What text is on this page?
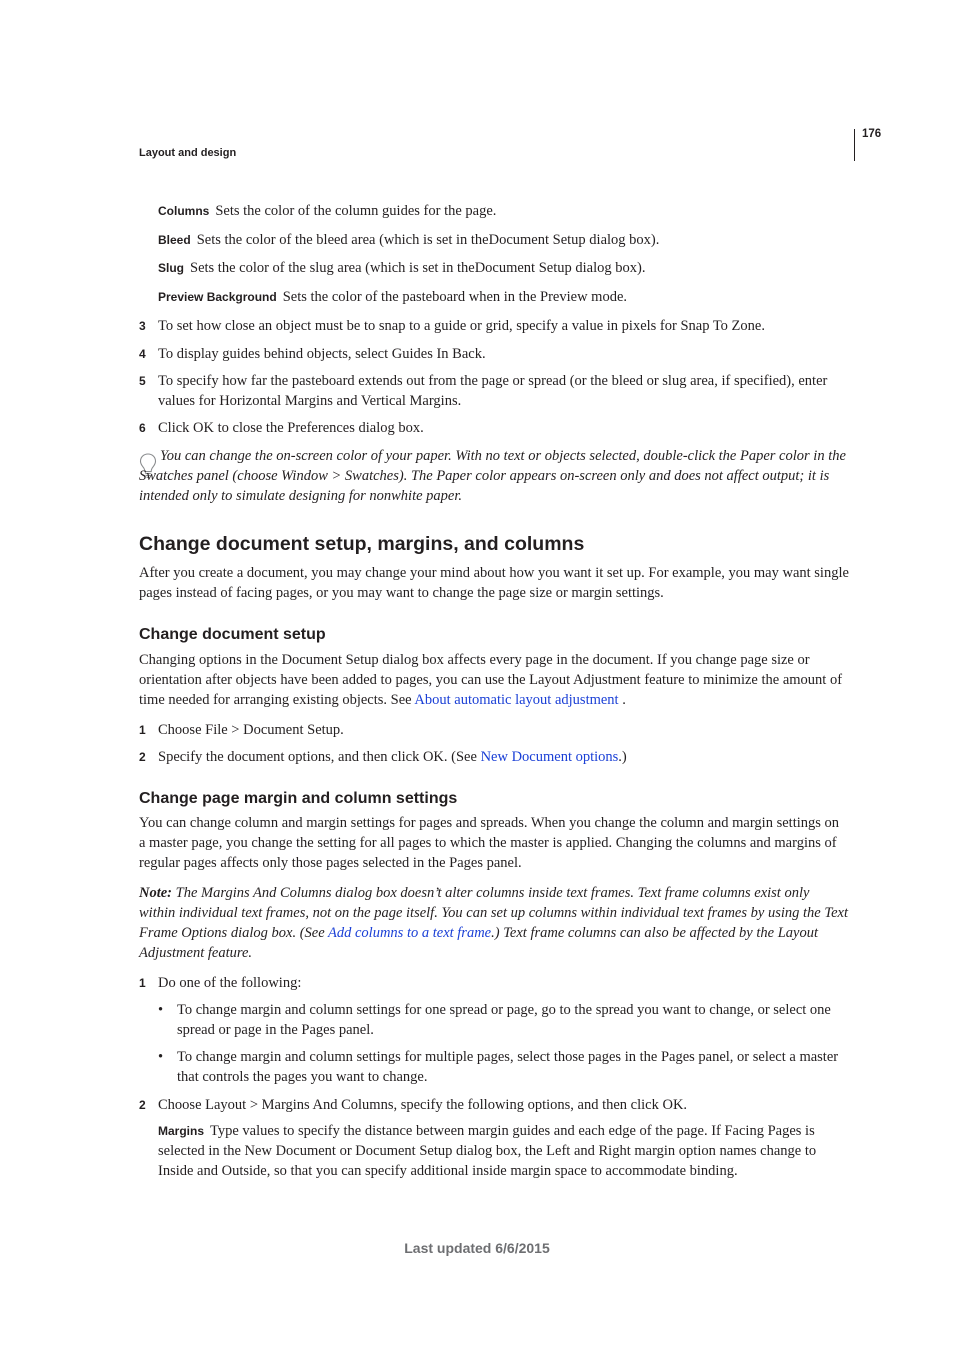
176
Layout and design
Columns Sets the color of the column guides for the page.
Bleed Sets the color of the bleed area (which is set in theDocument Setup dialog box).
Slug Sets the color of the slug area (which is set in theDocument Setup dialog box).
Preview Background Sets the color of the pasteboard when in the Preview mode.
3 To set how close an object must be to snap to a guide or grid, specify a value in pixels for Snap To Zone.
4 To display guides behind objects, select Guides In Back.
5 To specify how far the pasteboard extends out from the page or spread (or the bleed or slug area, if specified), enter values for Horizontal Margins and Vertical Margins.
6 Click OK to close the Preferences dialog box.
You can change the on-screen color of your paper. With no text or objects selected, double-click the Paper color in the Swatches panel (choose Window > Swatches). The Paper color appears on-screen only and does not affect output; it is intended only to simulate designing for nonwhite paper.
Change document setup, margins, and columns
After you create a document, you may change your mind about how you want it set up. For example, you may want single pages instead of facing pages, or you may want to change the page size or margin settings.
Change document setup
Changing options in the Document Setup dialog box affects every page in the document. If you change page size or orientation after objects have been added to pages, you can use the Layout Adjustment feature to minimize the amount of time needed for arranging existing objects. See About automatic layout adjustment .
1 Choose File > Document Setup.
2 Specify the document options, and then click OK. (See New Document options.)
Change page margin and column settings
You can change column and margin settings for pages and spreads. When you change the column and margin settings on a master page, you change the setting for all pages to which the master is applied. Changing the columns and margins of regular pages affects only those pages selected in the Pages panel.
Note: The Margins And Columns dialog box doesn’t alter columns inside text frames. Text frame columns exist only within individual text frames, not on the page itself. You can set up columns within individual text frames by using the Text Frame Options dialog box. (See Add columns to a text frame.) Text frame columns can also be affected by the Layout Adjustment feature.
1 Do one of the following:
• To change margin and column settings for one spread or page, go to the spread you want to change, or select one spread or page in the Pages panel.
• To change margin and column settings for multiple pages, select those pages in the Pages panel, or select a master that controls the pages you want to change.
2 Choose Layout > Margins And Columns, specify the following options, and then click OK.
Margins Type values to specify the distance between margin guides and each edge of the page. If Facing Pages is selected in the New Document or Document Setup dialog box, the Left and Right margin option names change to Inside and Outside, so that you can specify additional inside margin space to accommodate binding.
Last updated 6/6/2015
